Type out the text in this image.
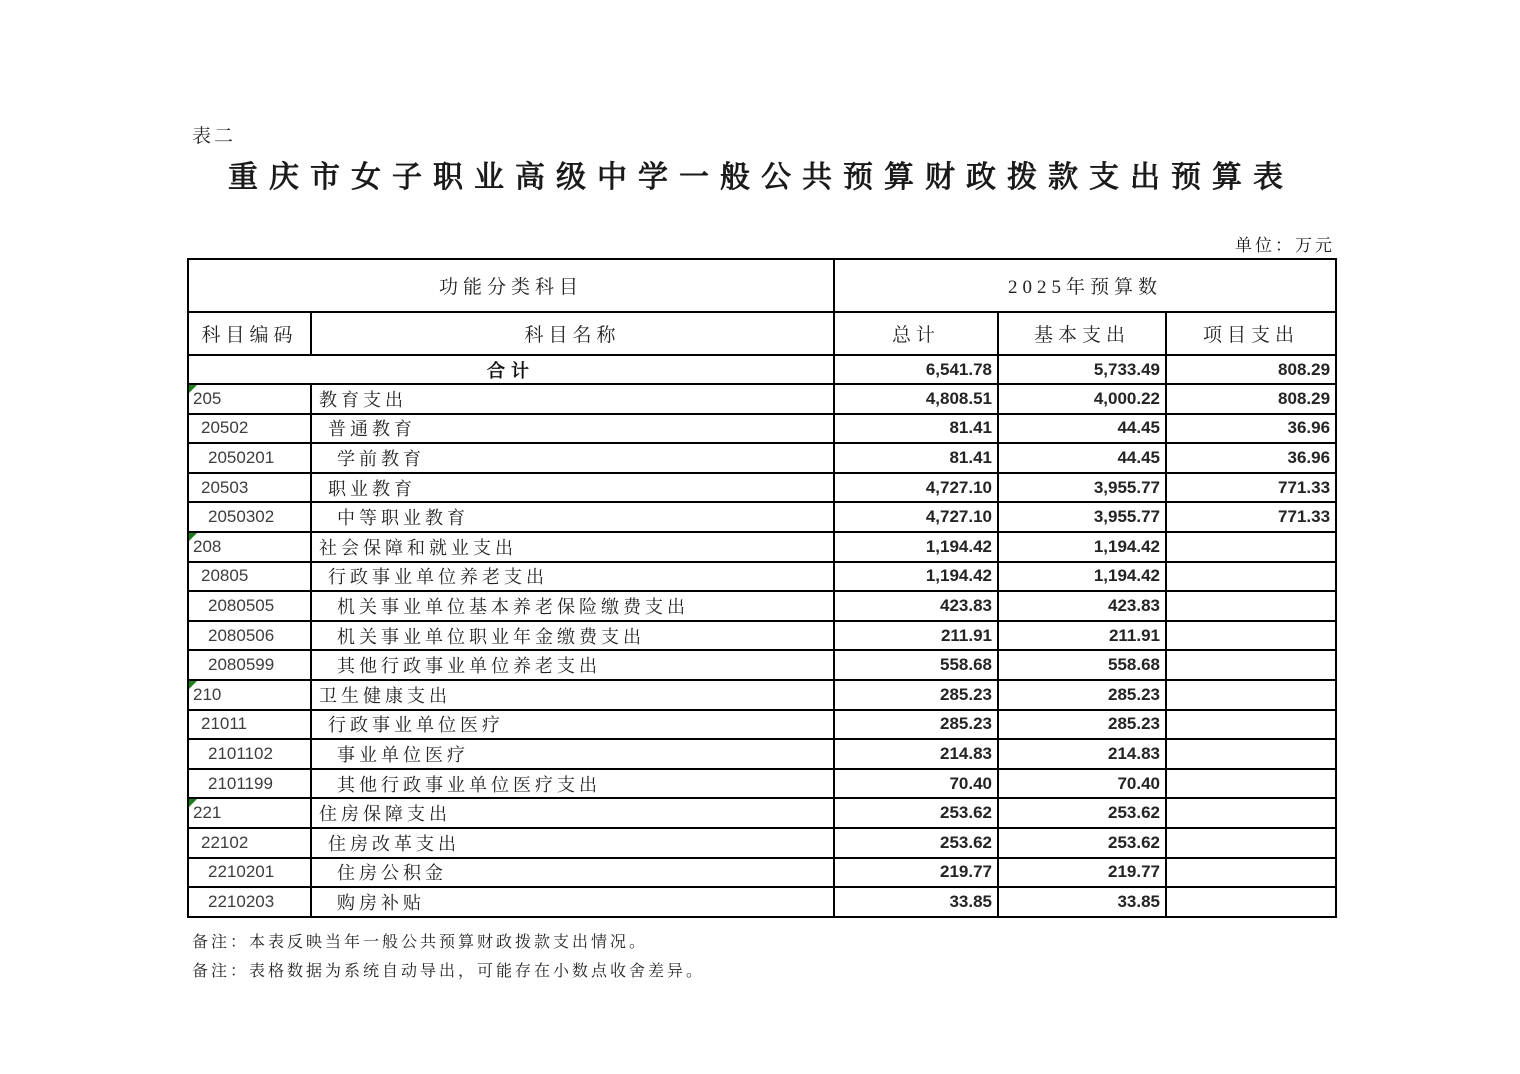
表二
重庆市女子职业高级中学一般公共预算财政拨款支出预算表
单位：万元
功能分类科目		2025年预算数		
科目编码	科目名称	总计	基本支出	项目支出
合计		6,541.78	5,733.49	808.29
205	教育支出	4,808.51	4,000.22	808.29
20502	普通教育	81.41	44.45	36.96
2050201	学前教育	81.41	44.45	36.96
20503	职业教育	4,727.10	3,955.77	771.33
2050302	中等职业教育	4,727.10	3,955.77	771.33
208	社会保障和就业支出	1,194.42	1,194.42	
20805	行政事业单位养老支出	1,194.42	1,194.42	
2080505	机关事业单位基本养老保险缴费支出	423.83	423.83	
2080506	机关事业单位职业年金缴费支出	211.91	211.91	
2080599	其他行政事业单位养老支出	558.68	558.68	
210	卫生健康支出	285.23	285.23	
21011	行政事业单位医疗	285.23	285.23	
2101102	事业单位医疗	214.83	214.83	
2101199	其他行政事业单位医疗支出	70.40	70.40	
221	住房保障支出	253.62	253.62	
22102	住房改革支出	253.62	253.62	
2210201	住房公积金	219.77	219.77	
2210203	购房补贴	33.85	33.85	
备注：本表反映当年一般公共预算财政拨款支出情况。
备注：表格数据为系统自动导出，可能存在小数点收舍差异。
